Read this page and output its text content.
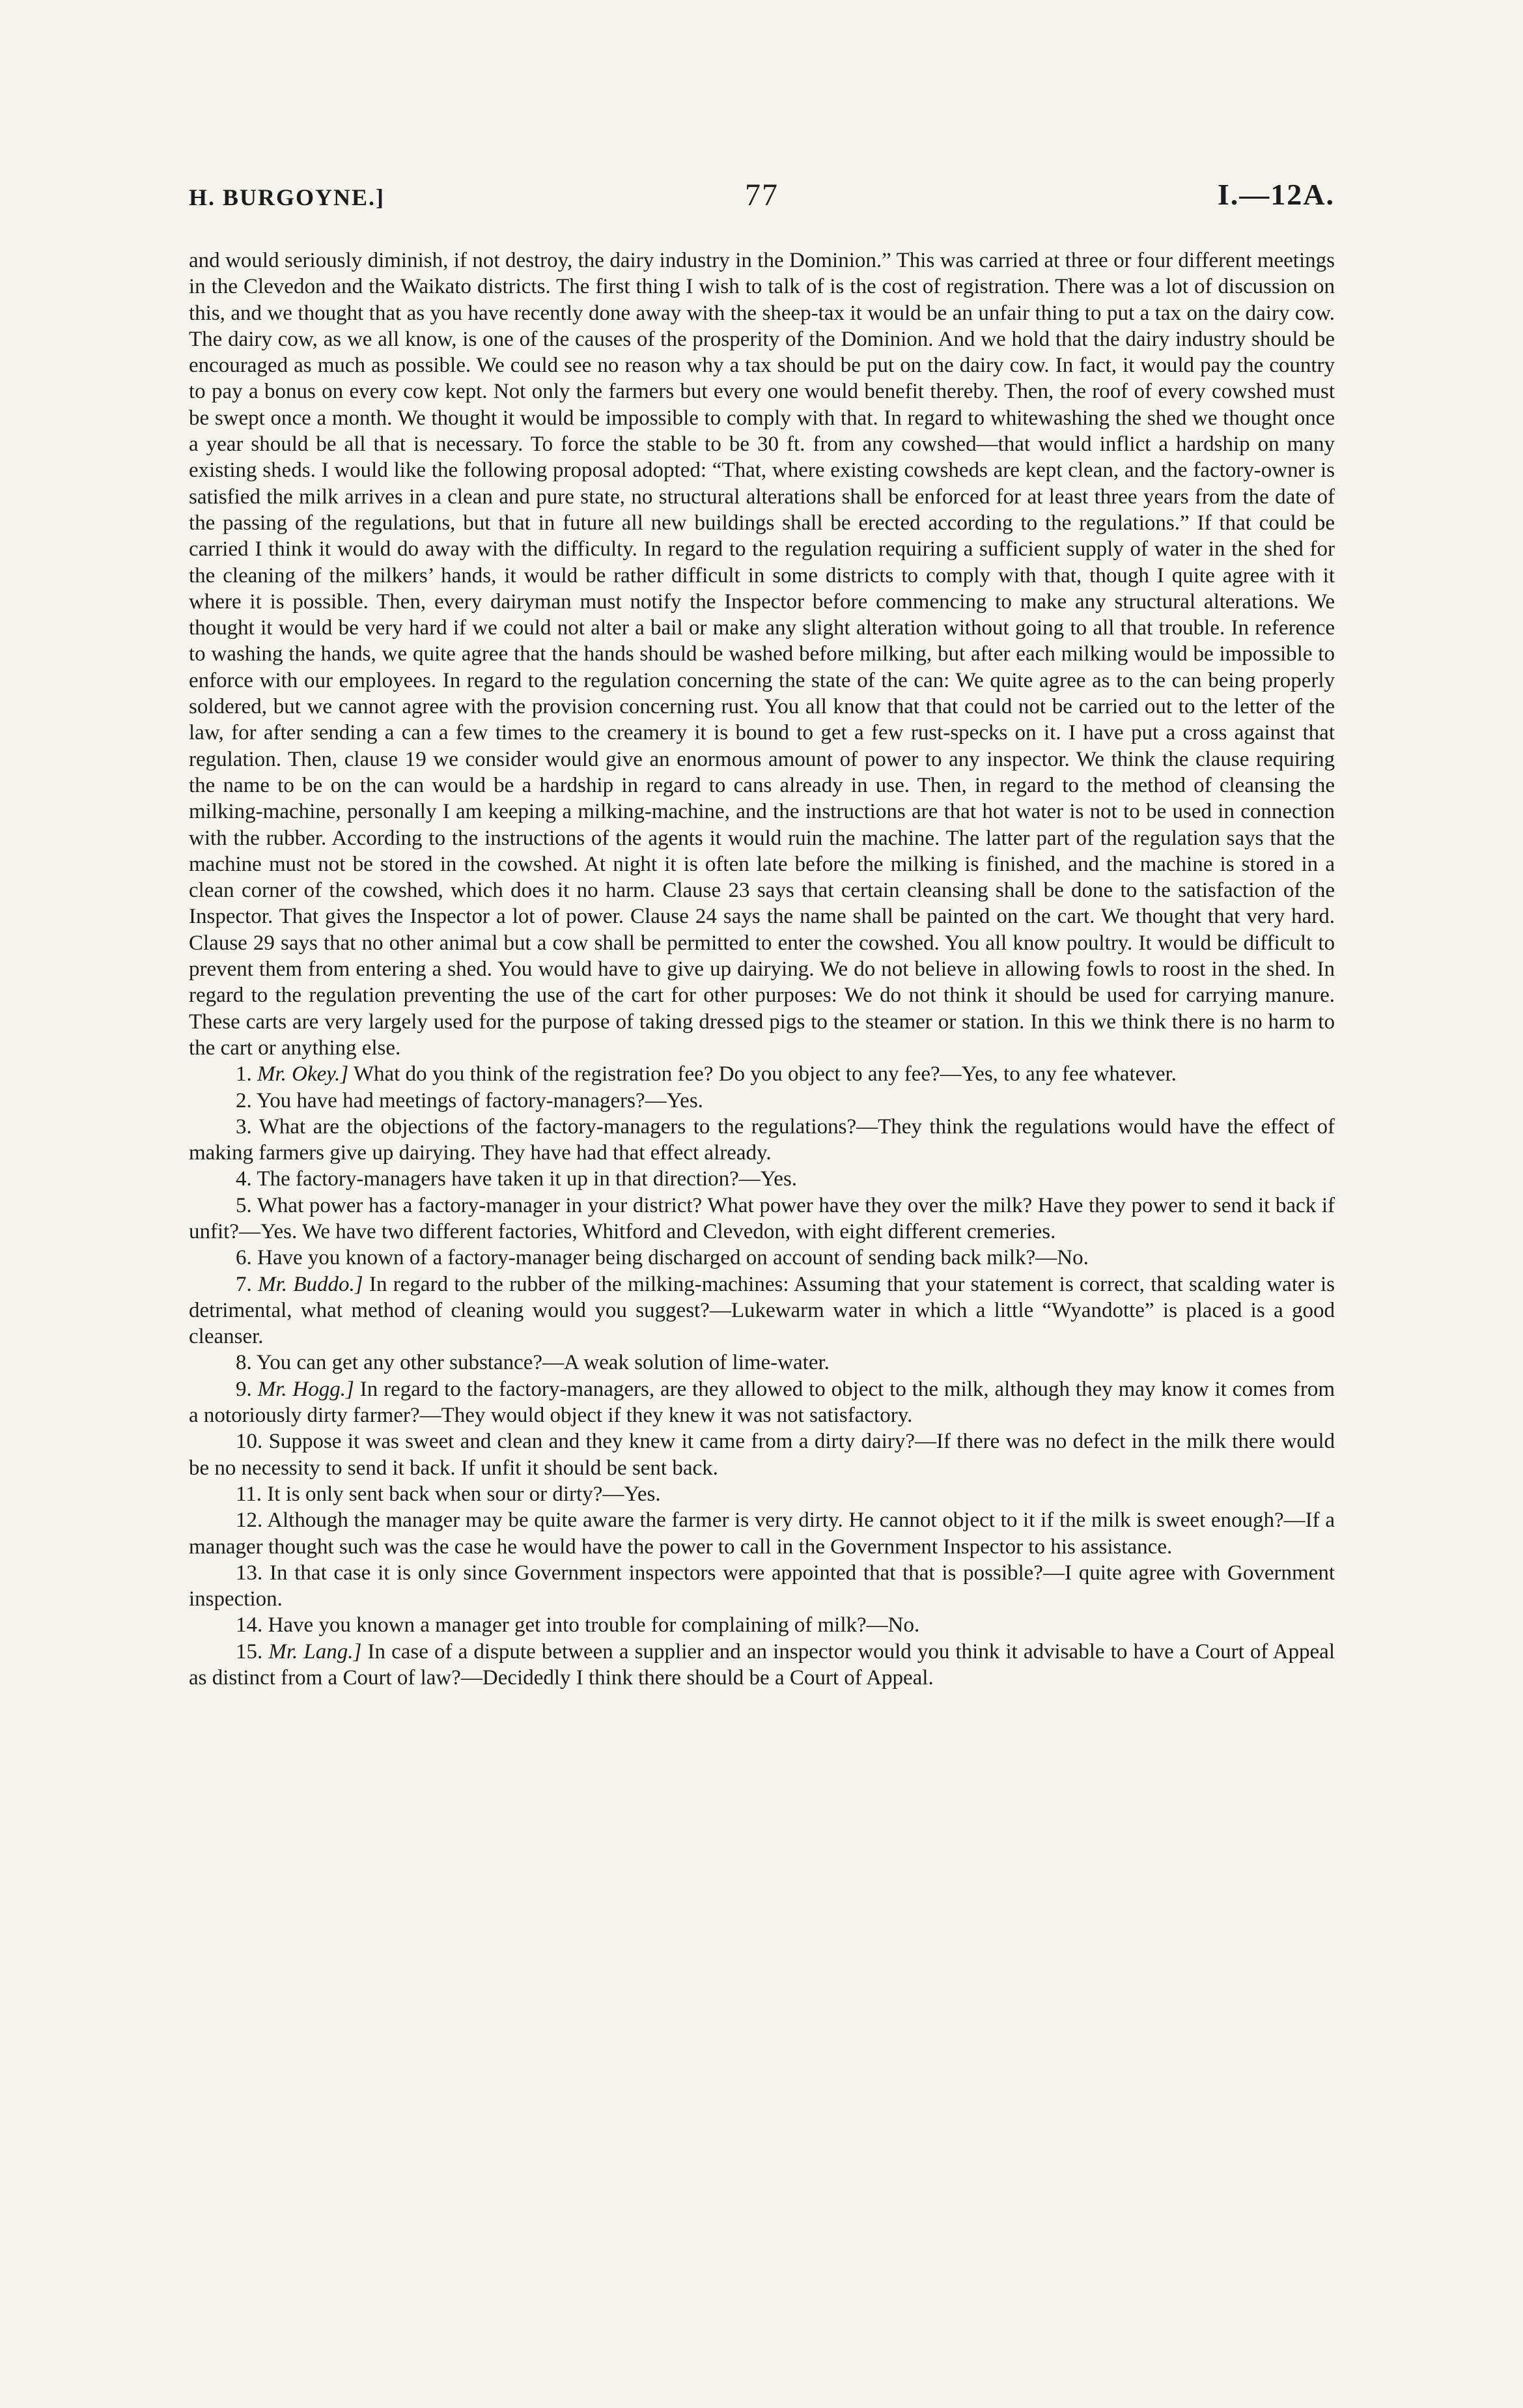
H. BURGOYNE.]	77	I.—12A.

and would seriously diminish, if not destroy, the dairy industry in the Dominion.” This was carried at three or four different meetings in the Clevedon and the Waikato districts. The first thing I wish to talk of is the cost of registration. There was a lot of discussion on this, and we thought that as you have recently done away with the sheep-tax it would be an unfair thing to put a tax on the dairy cow. The dairy cow, as we all know, is one of the causes of the prosperity of the Dominion. And we hold that the dairy industry should be encouraged as much as possible. We could see no reason why a tax should be put on the dairy cow. In fact, it would pay the country to pay a bonus on every cow kept. Not only the farmers but every one would benefit thereby. Then, the roof of every cowshed must be swept once a month. We thought it would be impossible to comply with that. In regard to whitewashing the shed we thought once a year should be all that is necessary. To force the stable to be 30 ft. from any cowshed—that would inflict a hardship on many existing sheds. I would like the following proposal adopted: “That, where existing cowsheds are kept clean, and the factory-owner is satisfied the milk arrives in a clean and pure state, no structural alterations shall be enforced for at least three years from the date of the passing of the regulations, but that in future all new buildings shall be erected according to the regulations.” If that could be carried I think it would do away with the difficulty. In regard to the regulation requiring a sufficient supply of water in the shed for the cleaning of the milkers’ hands, it would be rather difficult in some districts to comply with that, though I quite agree with it where it is possible. Then, every dairyman must notify the Inspector before commencing to make any structural alterations. We thought it would be very hard if we could not alter a bail or make any slight alteration without going to all that trouble. In reference to washing the hands, we quite agree that the hands should be washed before milking, but after each milking would be impossible to enforce with our employees. In regard to the regulation concerning the state of the can: We quite agree as to the can being properly soldered, but we cannot agree with the provision concerning rust. You all know that that could not be carried out to the letter of the law, for after sending a can a few times to the creamery it is bound to get a few rust-specks on it. I have put a cross against that regulation. Then, clause 19 we consider would give an enormous amount of power to any inspector. We think the clause requiring the name to be on the can would be a hardship in regard to cans already in use. Then, in regard to the method of cleansing the milking-machine, personally I am keeping a milking-machine, and the instructions are that hot water is not to be used in connection with the rubber. According to the instructions of the agents it would ruin the machine. The latter part of the regulation says that the machine must not be stored in the cowshed. At night it is often late before the milking is finished, and the machine is stored in a clean corner of the cowshed, which does it no harm. Clause 23 says that certain cleansing shall be done to the satisfaction of the Inspector. That gives the Inspector a lot of power. Clause 24 says the name shall be painted on the cart. We thought that very hard. Clause 29 says that no other animal but a cow shall be permitted to enter the cowshed. You all know poultry. It would be difficult to prevent them from entering a shed. You would have to give up dairying. We do not believe in allowing fowls to roost in the shed. In regard to the regulation preventing the use of the cart for other purposes: We do not think it should be used for carrying manure. These carts are very largely used for the purpose of taking dressed pigs to the steamer or station. In this we think there is no harm to the cart or anything else.

1. Mr. Okey.] What do you think of the registration fee? Do you object to any fee?—Yes, to any fee whatever.

2. You have had meetings of factory-managers?—Yes.

3. What are the objections of the factory-managers to the regulations?—They think the regulations would have the effect of making farmers give up dairying. They have had that effect already.

4. The factory-managers have taken it up in that direction?—Yes.

5. What power has a factory-manager in your district? What power have they over the milk? Have they power to send it back if unfit?—Yes. We have two different factories, Whitford and Clevedon, with eight different cremeries.

6. Have you known of a factory-manager being discharged on account of sending back milk?—No.

7. Mr. Buddo.] In regard to the rubber of the milking-machines: Assuming that your statement is correct, that scalding water is detrimental, what method of cleaning would you suggest?—Lukewarm water in which a little “Wyandotte” is placed is a good cleanser.

8. You can get any other substance?—A weak solution of lime-water.

9. Mr. Hogg.] In regard to the factory-managers, are they allowed to object to the milk, although they may know it comes from a notoriously dirty farmer?—They would object if they knew it was not satisfactory.

10. Suppose it was sweet and clean and they knew it came from a dirty dairy?—If there was no defect in the milk there would be no necessity to send it back. If unfit it should be sent back.

11. It is only sent back when sour or dirty?—Yes.

12. Although the manager may be quite aware the farmer is very dirty. He cannot object to it if the milk is sweet enough?—If a manager thought such was the case he would have the power to call in the Government Inspector to his assistance.

13. In that case it is only since Government inspectors were appointed that that is possible?—I quite agree with Government inspection.

14. Have you known a manager get into trouble for complaining of milk?—No.

15. Mr. Lang.] In case of a dispute between a supplier and an inspector would you think it advisable to have a Court of Appeal as distinct from a Court of law?—Decidedly I think there should be a Court of Appeal.
